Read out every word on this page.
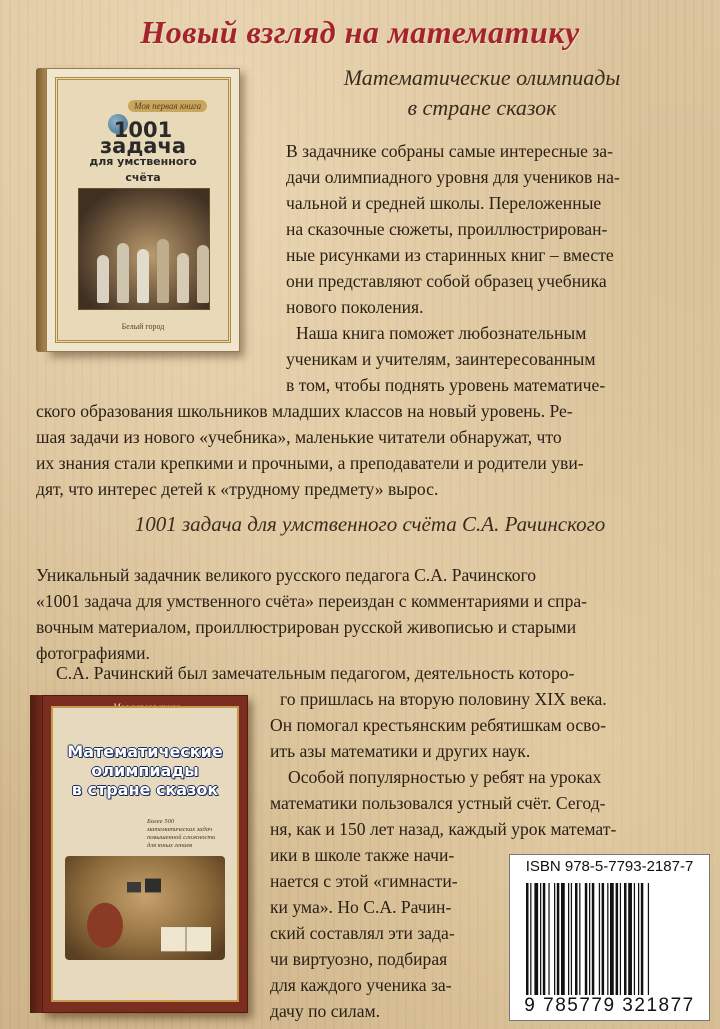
Новый взгляд на математику
Математические олимпиады
в стране сказок
Моя первая книга
1001 задача
для умственного счёта
Белый город

В задачнике собраны самые интересные за-

дачи олимпиадного уровня для учеников на-

чальной и средней школы. Переложенные

на сказочные сюжеты, проиллюстрирован-

ные рисунками из старинных книг – вместе

они представляют собой образец учебника

нового поколения.

Наша книга поможет любознательным

ученикам и учителям, заинтересованным

в том, чтобы поднять уровень математиче-

ского образования школьников младших классов на новый уровень. Ре-

шая задачи из нового «учебника», маленькие читатели обнаружат, что

их знания стали крепкими и прочными, а преподаватели и родители уви-

дят, что интерес детей к «трудному предмету» вырос.

1001 задача для умственного счёта С.А. Рачинского

Уникальный задачник великого русского педагога С.А. Рачинского

«1001 задача для умственного счёта» переиздан с комментариями и спра-

вочным материалом, проиллюстрирован русской живописью и старыми

фотографиями.

С.А. Рачинский был замечательным педагогом, деятельность которо-

го пришлась на вторую половину XIX века.

Он помогал крестьянским ребятишкам осво-

ить азы математики и других наук.

Особой популярностью у ребят на уроках

математики пользовался устный счёт. Сегод-

ня, как и 150 лет назад, каждый урок математ-

ики в школе также начи-

нается с этой «гимнасти-

ки ума». Но С.А. Рачин-

ский составлял эти зада-

чи виртуозно, подбирая

для каждого ученика за-

дачу по силам.

Математические
олимпиады
в стране сказок
Более 500 математических задач повышенной сложности для юных гениев
Белый город
ISBN 978-5-7793-2187-7
9 785779 321877
